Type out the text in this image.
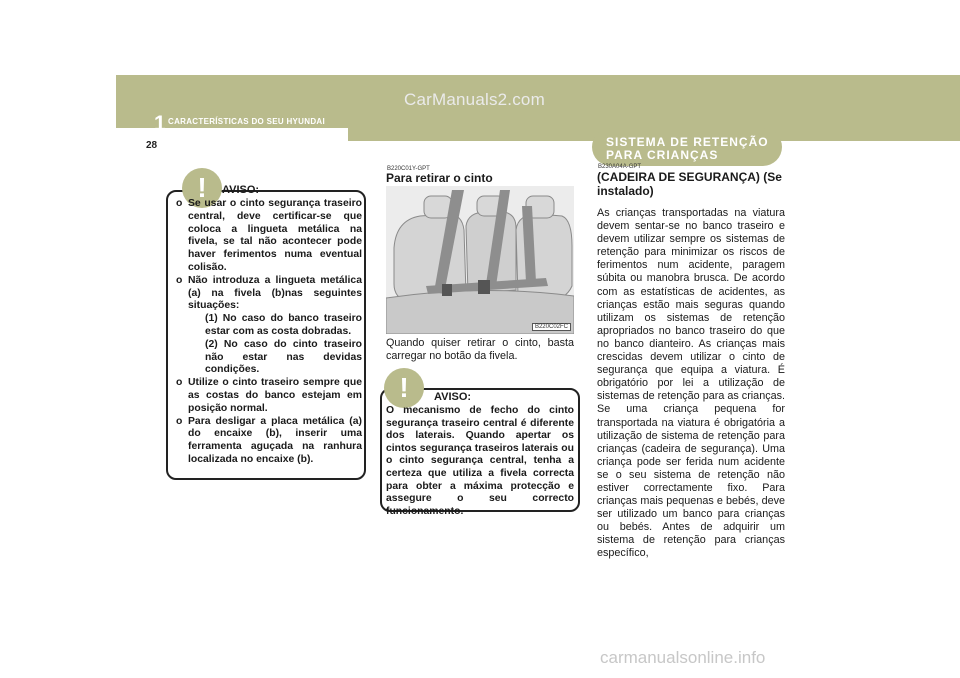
1 CARACTERÍSTICAS DO SEU HYUNDAI
CarManuals2.com
28	SISTEMA DE RETENÇÃO PARA CRIANÇAS
!	AVISO:
o Se usar o cinto segurança traseiro central, deve certificar-se que coloca a lingueta metálica na fivela, se tal não acontecer pode haver ferimentos numa eventual colisão.
o Não introduza a lingueta metálica (a) na fivela (b)nas seguintes situações:
(1) No caso do banco traseiro estar com as costa dobradas.
(2) No caso do cinto traseiro não estar nas devidas condições.
o Utilize o cinto traseiro sempre que as costas do banco estejam em posição normal.
o Para desligar a placa metálica (a) do encaixe (b), inserir uma ferramenta aguçada na ranhura localizada no encaixe (b).
B220C01Y-GPT
Para retirar o cinto
B220C02FC
Quando quiser retirar o cinto, basta carregar no botão da fivela.
!	AVISO:
O mecanismo de fecho do cinto segurança traseiro central é diferente dos laterais. Quando apertar os cintos segurança traseiros laterais ou o cinto segurança central, tenha a certeza que utiliza a fivela correcta para obter a máxima protecção e assegure o seu correcto funcionamento.
B230A04A-GPT
(CADEIRA DE SEGURANÇA) (Se instalado)
As crianças transportadas na viatura devem sentar-se no banco traseiro e devem utilizar sempre os sistemas de retenção para minimizar os riscos de ferimentos num acidente, paragem súbita ou manobra brusca. De acordo com as estatísticas de acidentes, as crianças estão mais seguras quando utilizam os sistemas de retenção apropriados no banco traseiro do que no banco dianteiro. As crianças mais crescidas devem utilizar o cinto de segurança que equipa a viatura. É obrigatório por lei a utilização de sistemas de retenção para as crianças. Se uma criança pequena for transportada na viatura é obrigatória a utilização de sistema de retenção para crianças (cadeira de segurança). Uma criança pode ser ferida num acidente se o seu sistema de retenção não estiver correctamente fixo. Para crianças mais pequenas e bebés, deve ser utilizado um banco para crianças ou bebés. Antes de adquirir um sistema de retenção para crianças específico,
carmanualsonline.info
